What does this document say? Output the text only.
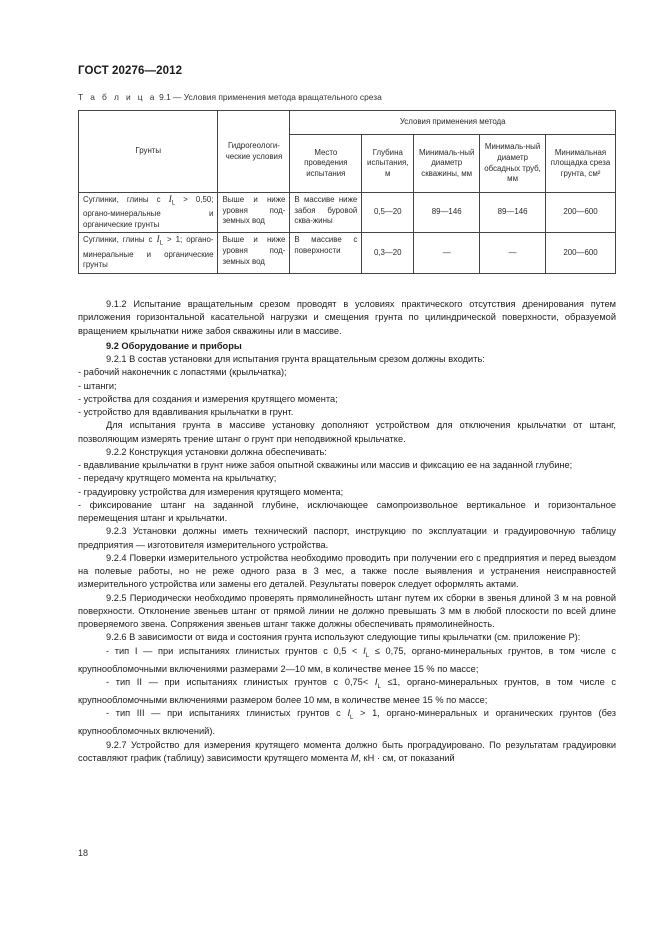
ГОСТ 20276—2012
Т а б л и ц а 9.1 — Условия применения метода вращательного среза
Грунты	Гидрогеологи-ческие условия	Условия применения метода				
		Место проведения испытания	Глубина испытания, м	Минималь-ный диаметр скважины, мм	Минималь-ный диаметр обсадных труб, мм	Минимальная площадка среза грунта, см²
Суглинки, глины с $I_L > 0,50$; органо-минеральные и органические грунты	Выше и ниже уровня под-земных вод	В массиве ниже забоя буровой сква-жины	0,5—20	89—146	89—146	200—600
Суглинки, глины с $I_L > 1$; органо-минеральные и органические грунты	Выше и ниже уровня под-земных вод	В массиве с поверхности	0,3—20	—	—	200—600

9.1.2 Испытание вращательным срезом проводят в условиях практического отсутствия дренирования путем приложения горизонтальной касательной нагрузки и смещения грунта по цилиндрической поверхности, образуемой вращением крыльчатки ниже забоя скважины или в массиве.

9.2 Оборудование и приборы

9.2.1 В состав установки для испытания грунта вращательным срезом должны входить:

- рабочий наконечник с лопастями (крыльчатка);

- штанги;

- устройства для создания и измерения крутящего момента;

- устройство для вдавливания крыльчатки в грунт.

Для испытания грунта в массиве установку дополняют устройством для отключения крыльчатки от штанг, позволяющим измерять трение штанг о грунт при неподвижной крыльчатке.

9.2.2 Конструкция установки должна обеспечивать:

- вдавливание крыльчатки в грунт ниже забоя опытной скважины или массив и фиксацию ее на заданной глубине;

- передачу крутящего момента на крыльчатку;

- градуировку устройства для измерения крутящего момента;

- фиксирование штанг на заданной глубине, исключающее самопроизвольное вертикальное и горизонтальное перемещения штанг и крыльчатки.

9.2.3 Установки должны иметь технический паспорт, инструкцию по эксплуатации и градуировочную таблицу предприятия — изготовителя измерительного устройства.

9.2.4 Поверки измерительного устройства необходимо проводить при получении его с предприятия и перед выездом на полевые работы, но не реже одного раза в 3 мес, а также после выявления и устранения неисправностей измерительного устройства или замены его деталей. Результаты поверок следует оформлять актами.

9.2.5 Периодически необходимо проверять прямолинейность штанг путем их сборки в звенья длиной 3 м на ровной поверхности. Отклонение звеньев штанг от прямой линии не должно превышать 3 мм в любой плоскости по всей длине проверяемого звена. Сопряжения звеньев штанг также должны обеспечивать прямолинейность.

9.2.6 В зависимости от вида и состояния грунта используют следующие типы крыльчатки (см. приложение Р):

- тип I — при испытаниях глинистых грунтов с $0,5 < I_L \le 0,75$, органо-минеральных грунтов, в том числе с крупнообломочными включениями размерами 2—10 мм, в количестве менее 15 % по массе;

- тип II — при испытаниях глинистых грунтов с $0,75< I_L \le 1$, органо-минеральных грунтов, в том числе с крупнообломочными включениями размером более 10 мм, в количестве менее 15 % по массе;

- тип III — при испытаниях глинистых грунтов с $I_L > 1$, органо-минеральных и органических грунтов (без крупнообломочных включений).

9.2.7 Устройство для измерения крутящего момента должно быть проградуировано. По результатам градуировки составляют график (таблицу) зависимости крутящего момента М, кН · см, от показаний

18
